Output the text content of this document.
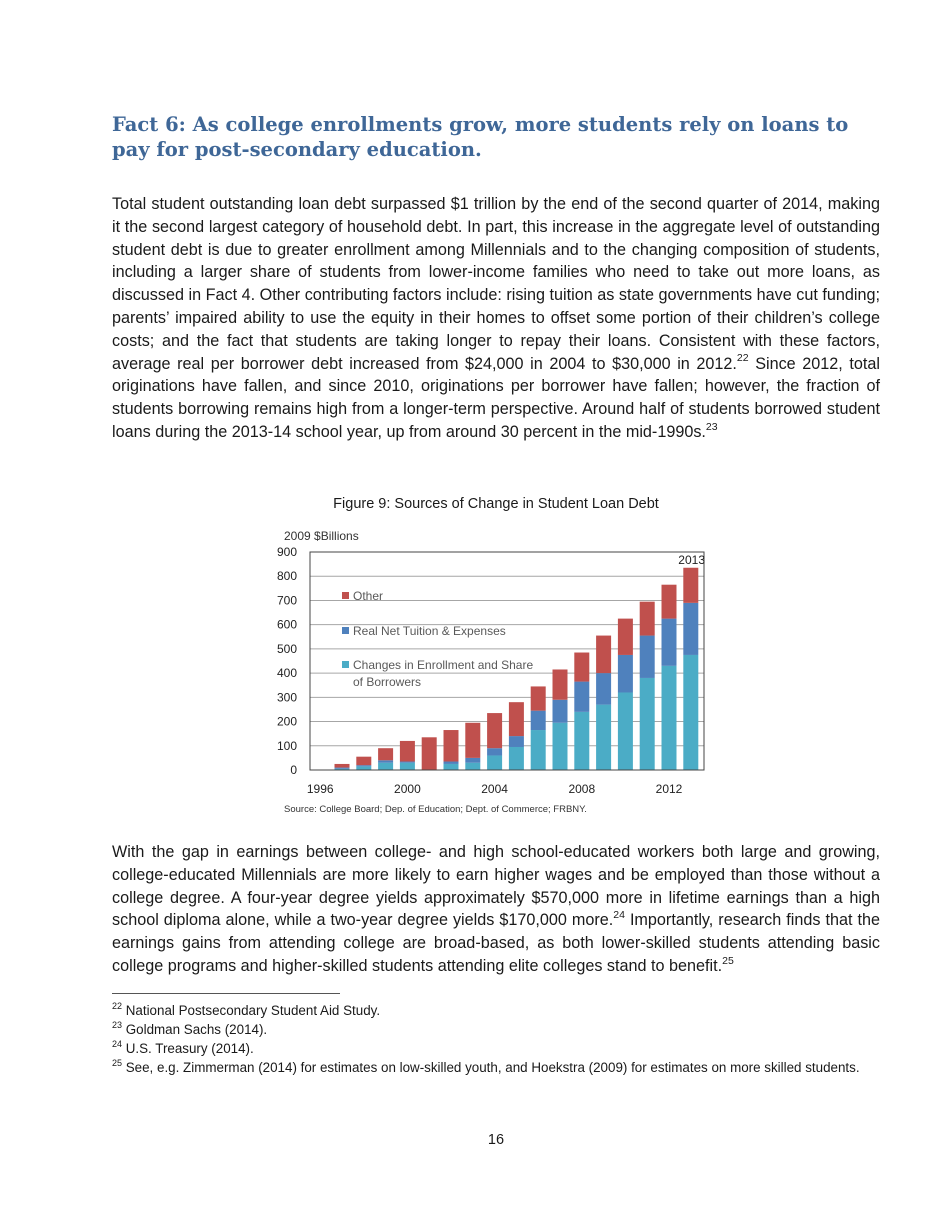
Fact 6: As college enrollments grow, more students rely on loans to pay for post-secondary education.

Total student outstanding loan debt surpassed $1 trillion by the end of the second quarter of 2014, making it the second largest category of household debt. In part, this increase in the aggregate level of outstanding student debt is due to greater enrollment among Millennials and to the changing composition of students, including a larger share of students from lower-income families who need to take out more loans, as discussed in Fact 4. Other contributing factors include: rising tuition as state governments have cut funding; parents’ impaired ability to use the equity in their homes to offset some portion of their children’s college costs; and the fact that students are taking longer to repay their loans. Consistent with these factors, average real per borrower debt increased from $24,000 in 2004 to $30,000 in 2012.22 Since 2012, total originations have fallen, and since 2010, originations per borrower have fallen; however, the fraction of students borrowing remains high from a longer-term perspective. Around half of students borrowed student loans during the 2013-14 school year, up from around 30 percent in the mid-1990s.$^{23}$

Figure 9: Sources of Change in Student Loan Debt
2009 $Billions
0
100
200
300
400
500
600
700
800
900
1996	2000	2004	2008	2012
2013
Other
Real Net Tuition & Expenses
Changes in Enrollment and Share
of Borrowers
Source: College Board; Dep. of Education; Dept. of Commerce; FRBNY.

With the gap in earnings between college- and high school-educated workers both large and growing, college-educated Millennials are more likely to earn higher wages and be employed than those without a college degree. A four-year degree yields approximately $570,000 more in lifetime earnings than a high school diploma alone, while a two-year degree yields $170,000 more.$^{24}$ Importantly, research finds that the earnings gains from attending college are broad-based, as both lower-skilled students attending basic college programs and higher-skilled students attending elite colleges stand to benefit.$^{25}$

$^{22}$ National Postsecondary Student Aid Study.

$^{23}$ Goldman Sachs (2014).

$^{24}$ U.S. Treasury (2014).

$^{25}$ See, e.g. Zimmerman (2014) for estimates on low-skilled youth, and Hoekstra (2009) for estimates on more skilled students.

16
